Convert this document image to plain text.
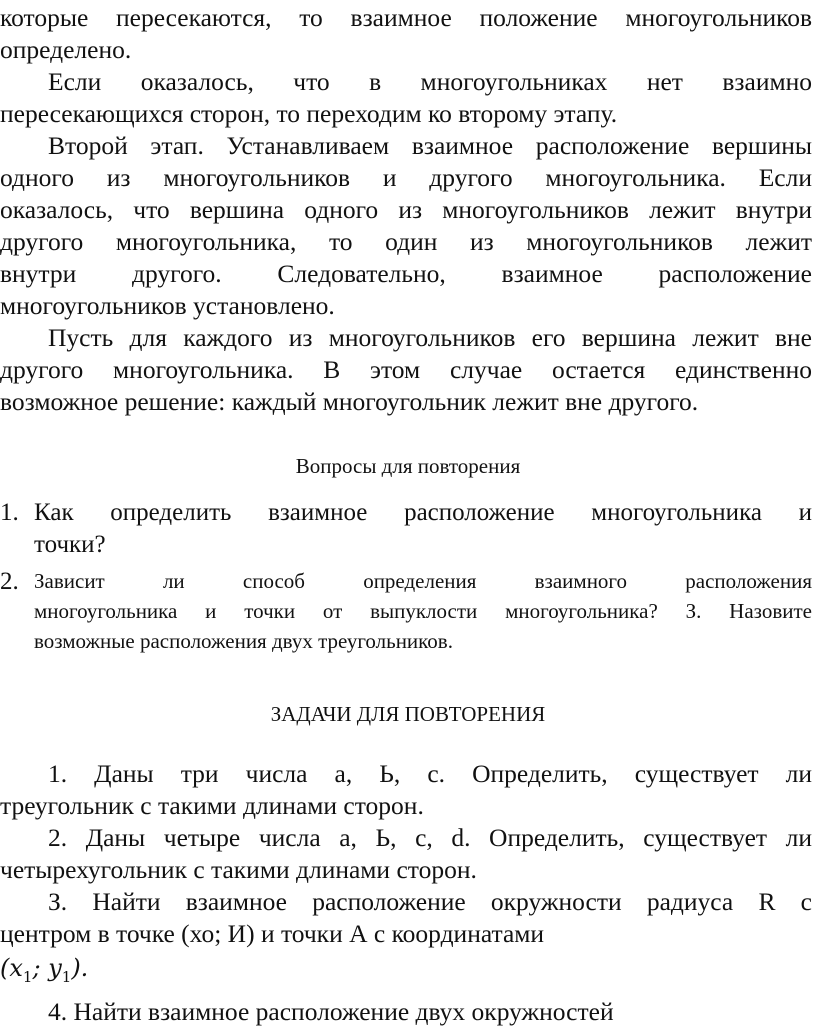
которые пересекаются, то взаимное положение многоугольников
определено.
Если оказалось, что в многоугольниках нет взаимно
пересекающихся сторон, то переходим ко второму этапу.
Второй этап. Устанавливаем взаимное расположение вершины
одного из многоугольников и другого многоугольника. Если
оказалось, что вершина одного из многоугольников лежит внутри
другого многоугольника, то один из многоугольников лежит
внутри другого. Следовательно, взаимное расположение
многоугольников установлено.
Пусть для каждого из многоугольников его вершина лежит вне
другого многоугольника. В этом случае остается единственно
возможное решение: каждый многоугольник лежит вне другого.
Вопросы для повторения
1. Как определить взаимное расположение многоугольника и
точки?
2. Зависит ли способ определения взаимного расположения
многоугольника и точки от выпуклости многоугольника? З. Назовите
возможные расположения двух треугольников.
ЗАДАЧИ ДЛЯ ПОВТОРЕНИЯ
1. Даны три числа а, Ь, с. Определить, существует ли
треугольник с такими длинами сторон.
2. Даны четыре числа а, Ь, с, d. Определить, существует ли
четырехугольник с такими длинами сторон.
З. Найти взаимное расположение окружности радиуса R с
центром в точке (хо; И) и точки А с координатами
($x_1$; $y_1$).
4. Найти взаимное расположение двух окружностей
